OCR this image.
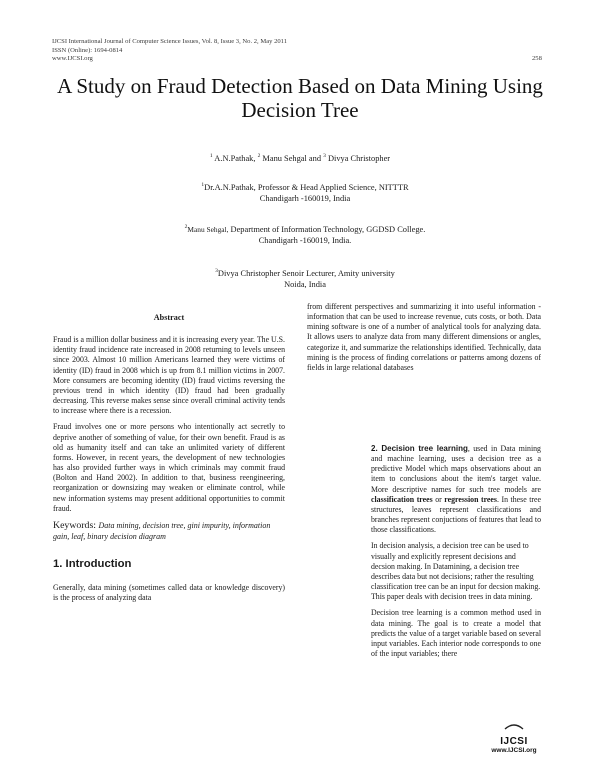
IJCSI International Journal of Computer Science Issues, Vol. 8, Issue 3, No. 2, May 2011
ISSN (Online): 1694-0814
www.IJCSI.org	258
A Study on Fraud Detection Based on Data Mining Using Decision Tree
$^1$ A.N.Pathak, $^2$ Manu Sehgal and $^3$ Divya Christopher
$^1$Dr.A.N.Pathak, Professor & Head Applied Science, NITTTR
Chandigarh -160019, India
$^2$Manu Sehgal, Department of Information Technology, GGDSD College.
Chandigarh -160019, India.
$^3$Divya Christopher Senoir Lecturer, Amity university
Noida, India
Abstract

Fraud is a million dollar business and it is increasing every year. The U.S. identity fraud incidence rate increased in 2008 returning to levels unseen since 2003. Almost 10 million Americans learned they were victims of identity (ID) fraud in 2008 which is up from 8.1 million victims in 2007. More consumers are becoming identity (ID) fraud victims reversing the previous trend in which identity (ID) fraud had been gradually decreasing. This reverse makes sense since overall criminal activity tends to increase where there is a recession.

Fraud involves one or more persons who intentionally act secretly to deprive another of something of value, for their own benefit. Fraud is as old as humanity itself and can take an unlimited variety of different forms. However, in recent years, the development of new technologies has also provided further ways in which criminals may commit fraud (Bolton and Hand 2002). In addition to that, business reengineering, reorganization or downsizing may weaken or eliminate control, while new information systems may present additional opportunities to commit fraud.

Keywords: Data mining, decision tree, gini impurity, information gain, leaf, binary decision diagram
1. Introduction

Generally, data mining (sometimes called data or knowledge discovery) is the process of analyzing data

from different perspectives and summarizing it into useful information - information that can be used to increase revenue, cuts costs, or both. Data mining software is one of a number of analytical tools for analyzing data. It allows users to analyze data from many different dimensions or angles, categorize it, and summarize the relationships identified. Technically, data mining is the process of finding correlations or patterns among dozens of fields in large relational databases

2. Decision tree learning, used in Data mining and machine learning, uses a decision tree as a predictive Model which maps observations about an item to conclusions about the item's target value. More descriptive names for such tree models are classification trees or regression trees. In these tree structures, leaves represent classifications and branches represent conjuctions of features that lead to those classifications.

In decision analysis, a decision tree can be used to visually and explicitly represent decisions and decsion making. In Datamining, a decision tree describes data but not decisions; rather the resulting classification tree can be an input for decsion making. This paper deals with decision trees in data mining.

Decision tree learning is a common method used in data mining. The goal is to create a model that predicts the value of a target variable based on several input variables. Each interior node corresponds to one of the input variables; there

IJCSI
www.IJCSI.org
